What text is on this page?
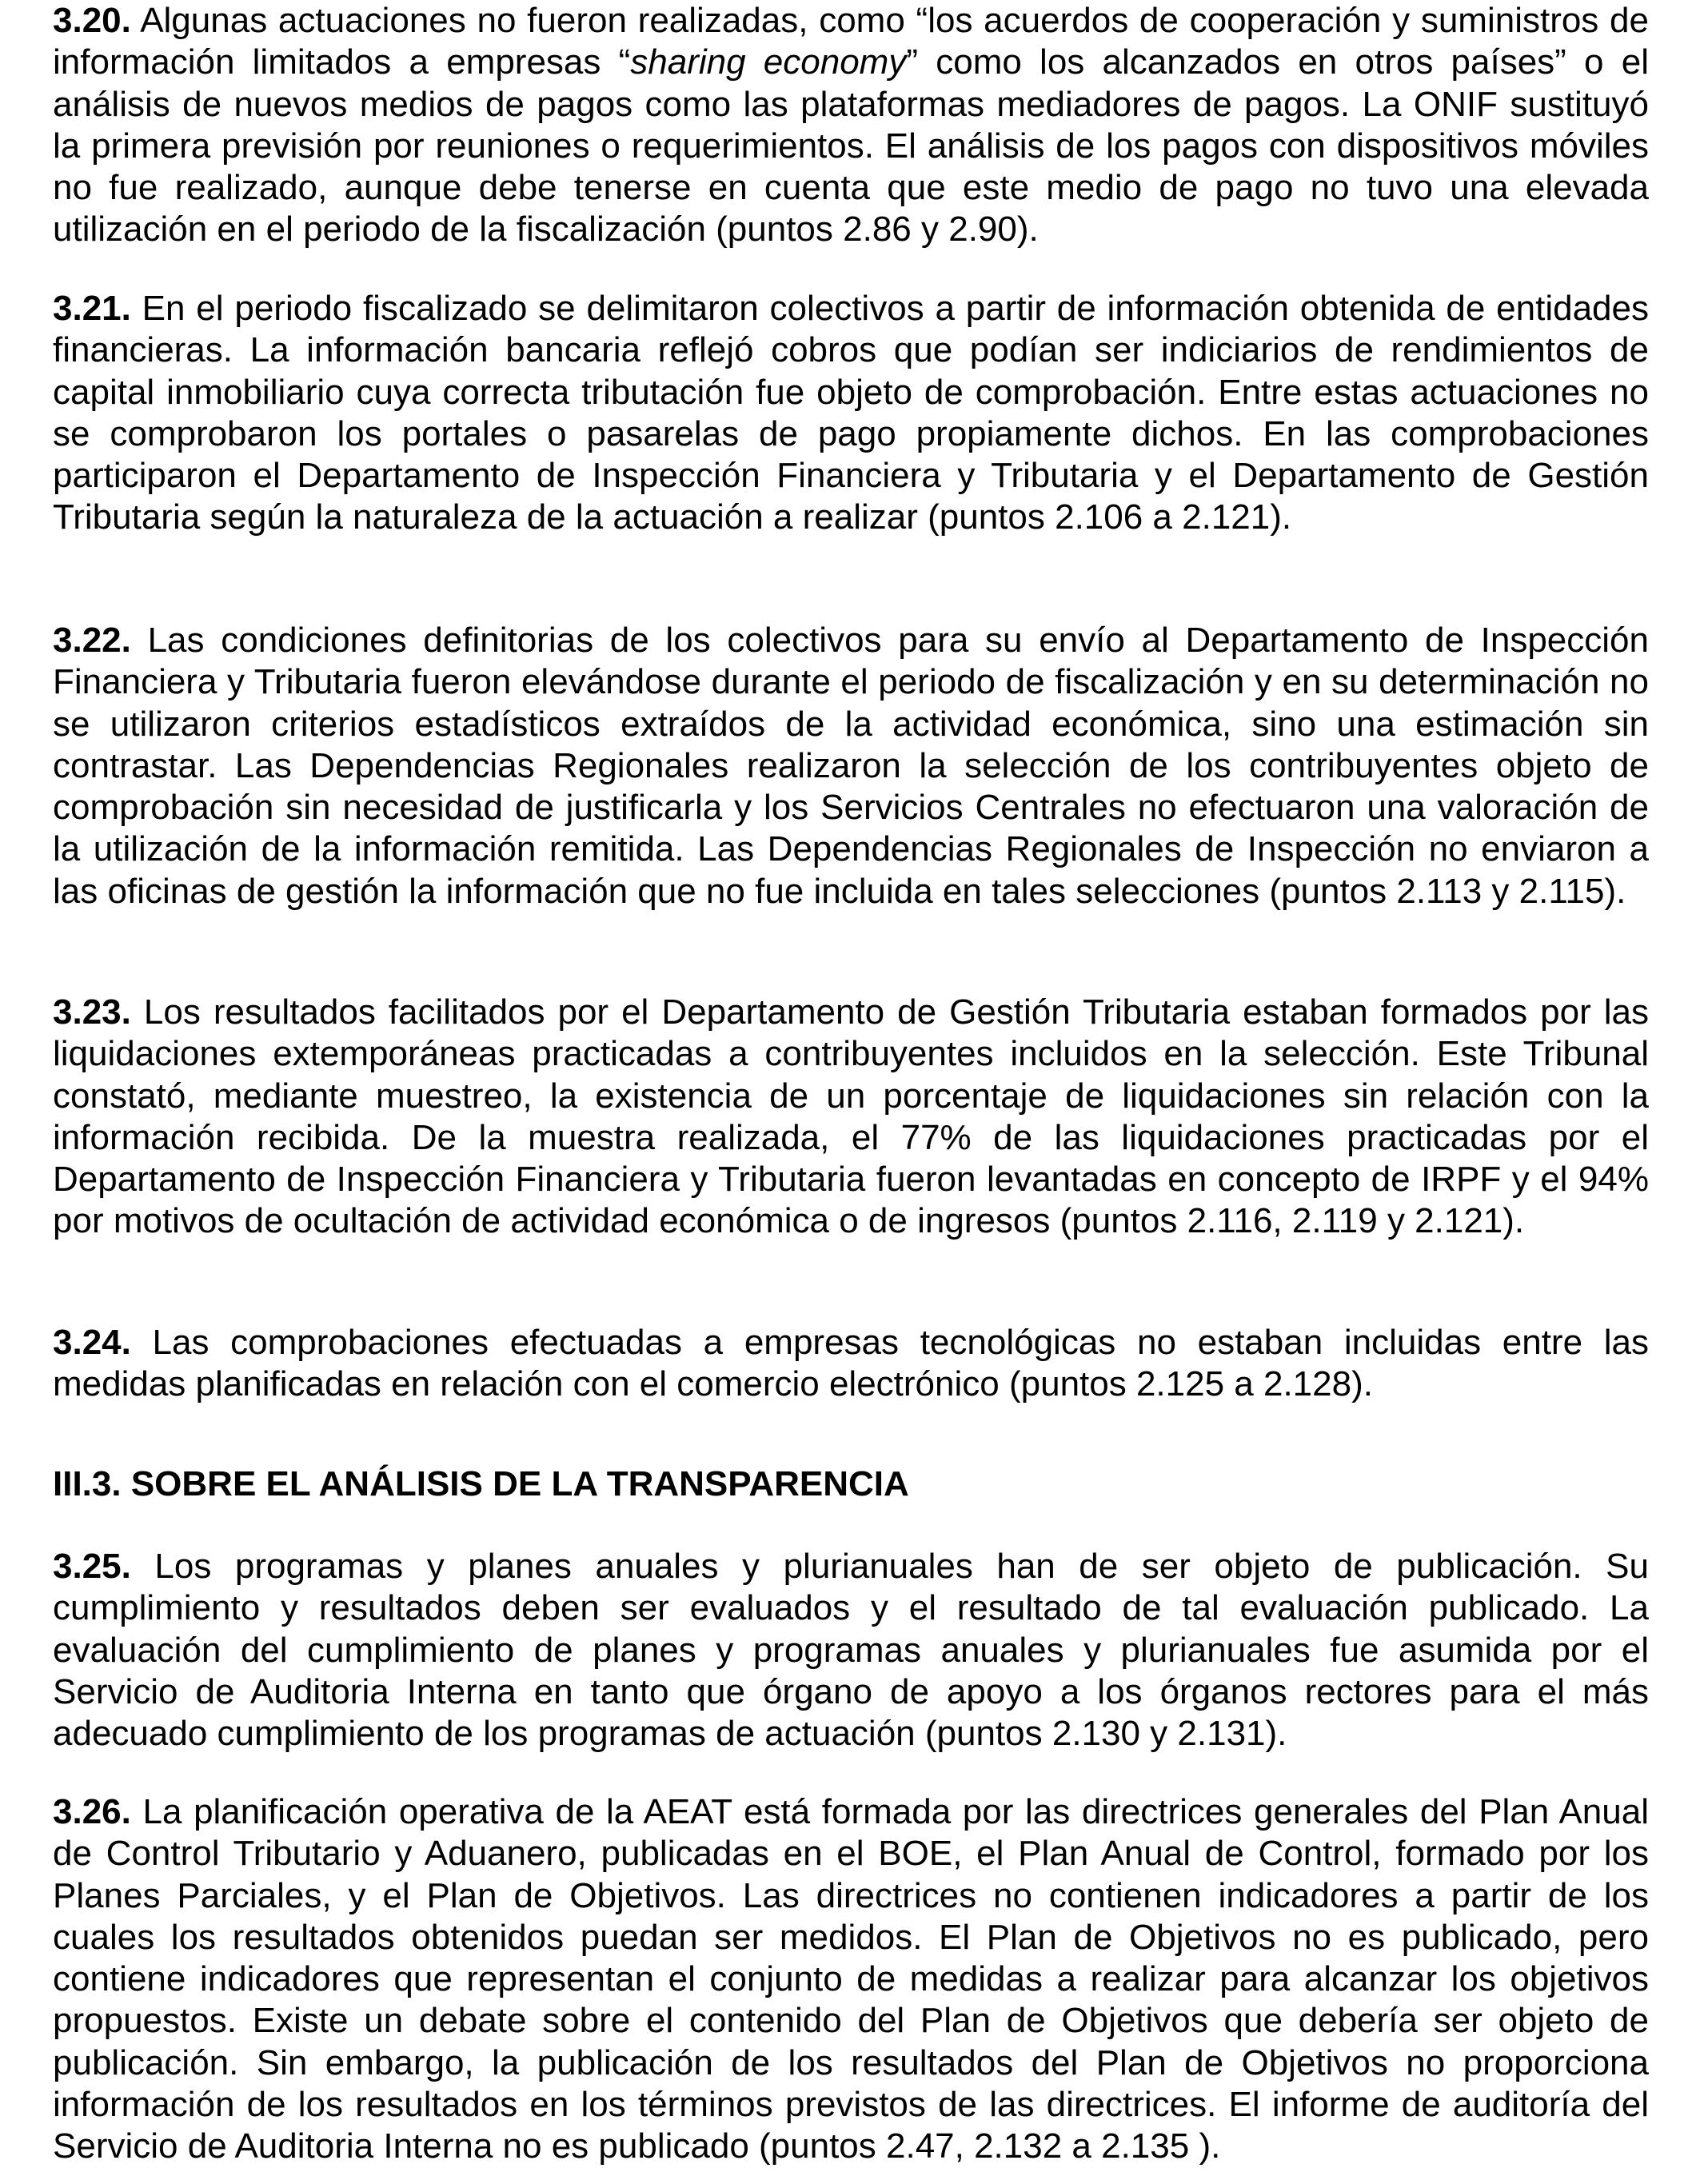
3.20. Algunas actuaciones no fueron realizadas, como “los acuerdos de cooperación y suministros de información limitados a empresas “sharing economy” como los alcanzados en otros países” o el análisis de nuevos medios de pagos como las plataformas mediadores de pagos. La ONIF sustituyó la primera previsión por reuniones o requerimientos. El análisis de los pagos con dispositivos móviles no fue realizado, aunque debe tenerse en cuenta que este medio de pago no tuvo una elevada utilización en el periodo de la fiscalización (puntos 2.86 y 2.90).

3.21. En el periodo fiscalizado se delimitaron colectivos a partir de información obtenida de entidades financieras. La información bancaria reflejó cobros que podían ser indiciarios de rendimientos de capital inmobiliario cuya correcta tributación fue objeto de comprobación. Entre estas actuaciones no se comprobaron los portales o pasarelas de pago propiamente dichos. En las comprobaciones participaron el Departamento de Inspección Financiera y Tributaria y el Departamento de Gestión Tributaria según la naturaleza de la actuación a realizar (puntos 2.106 a 2.121).

3.22. Las condiciones definitorias de los colectivos para su envío al Departamento de Inspección Financiera y Tributaria fueron elevándose durante el periodo de fiscalización y en su determinación no se utilizaron criterios estadísticos extraídos de la actividad económica, sino una estimación sin contrastar. Las Dependencias Regionales realizaron la selección de los contribuyentes objeto de comprobación sin necesidad de justificarla y los Servicios Centrales no efectuaron una valoración de la utilización de la información remitida. Las Dependencias Regionales de Inspección no enviaron a las oficinas de gestión la información que no fue incluida en tales selecciones (puntos 2.113 y 2.115).

3.23. Los resultados facilitados por el Departamento de Gestión Tributaria estaban formados por las liquidaciones extemporáneas practicadas a contribuyentes incluidos en la selección. Este Tribunal constató, mediante muestreo, la existencia de un porcentaje de liquidaciones sin relación con la información recibida. De la muestra realizada, el 77% de las liquidaciones practicadas por el Departamento de Inspección Financiera y Tributaria fueron levantadas en concepto de IRPF y el 94% por motivos de ocultación de actividad económica o de ingresos (puntos 2.116, 2.119 y 2.121).

3.24. Las comprobaciones efectuadas a empresas tecnológicas no estaban incluidas entre las medidas planificadas en relación con el comercio electrónico (puntos 2.125 a 2.128).

III.3. SOBRE EL ANÁLISIS DE LA TRANSPARENCIA

3.25. Los programas y planes anuales y plurianuales han de ser objeto de publicación. Su cumplimiento y resultados deben ser evaluados y el resultado de tal evaluación publicado. La evaluación del cumplimiento de planes y programas anuales y plurianuales fue asumida por el Servicio de Auditoria Interna en tanto que órgano de apoyo a los órganos rectores para el más adecuado cumplimiento de los programas de actuación (puntos 2.130 y 2.131).

3.26. La planificación operativa de la AEAT está formada por las directrices generales del Plan Anual de Control Tributario y Aduanero, publicadas en el BOE, el Plan Anual de Control, formado por los Planes Parciales, y el Plan de Objetivos. Las directrices no contienen indicadores a partir de los cuales los resultados obtenidos puedan ser medidos. El Plan de Objetivos no es publicado, pero contiene indicadores que representan el conjunto de medidas a realizar para alcanzar los objetivos propuestos. Existe un debate sobre el contenido del Plan de Objetivos que debería ser objeto de publicación. Sin embargo, la publicación de los resultados del Plan de Objetivos no proporciona información de los resultados en los términos previstos de las directrices. El informe de auditoría del Servicio de Auditoria Interna no es publicado (puntos 2.47, 2.132 a 2.135 ).
